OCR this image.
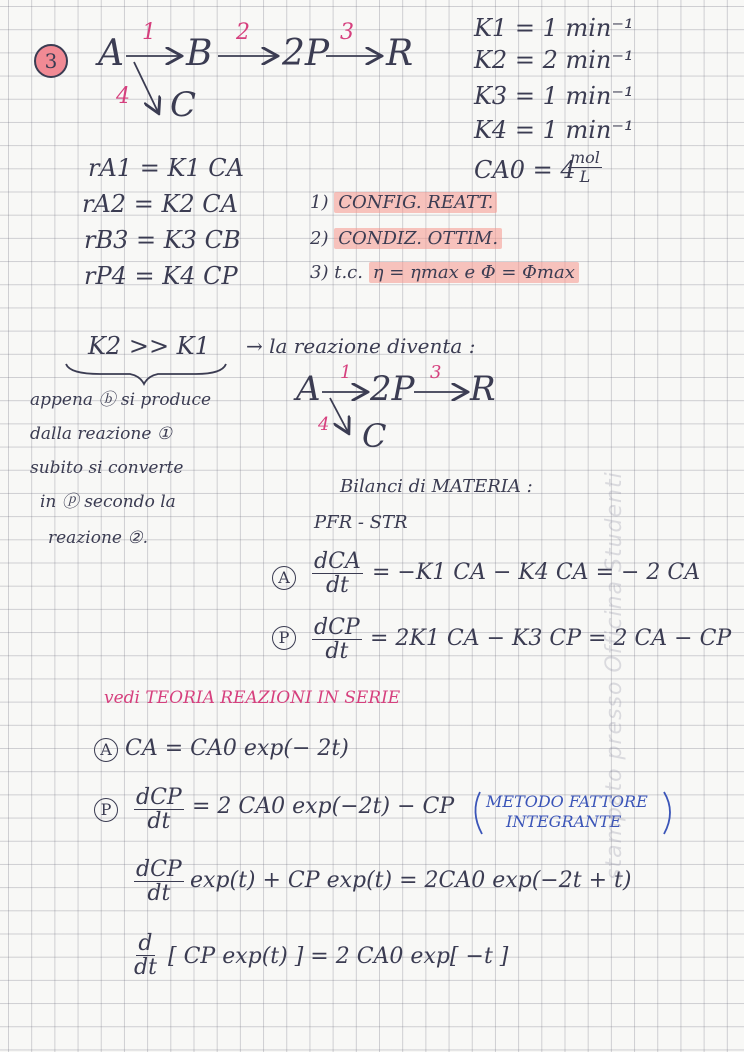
3 A B 2P R
C
1	2	3
4
K1 = 1 min⁻¹
K2 = 2 min⁻¹
K3 = 1 min⁻¹
K4 = 1 min⁻¹
CA0 = 4
mol
L
rA1 = K1 CA
rA2 = K2 CA
rB3 = K3 CB
rP4 = K4 CP
1) CONFIG. REATT.
2) CONDIZ. OTTIM.
3) t.c. η = ηmax e Φ = Φmax
K2 >> K1 → la reazione diventa :
appena ⓑ si produce
dalla reazione ①
subito si converte
in ⓟ secondo la
reazione ②.
A 2P R
C
1	3
4
Bilanci di MATERIA :
PFR - STR
A
dCA
dt
= −K1 CA − K4 CA = − 2 CA
P	dCP
dt
= 2K1 CA − K3 CP = 2 CA − CP
vedi TEORIA REAZIONI IN SERIE
A CA = CA0 exp(− 2t)
P	dCP
dt
= 2 CA0 exp(−2t) − CP METODO FATTORE
INTEGRANTE
dCP
dt
exp(t) + CP exp(t) = 2CA0 exp(−2t + t)
$\frac{d}{dt}$ [ CP exp(t) ] = 2 CA0 exp[ −t ]
stampato presso Officina Studenti
